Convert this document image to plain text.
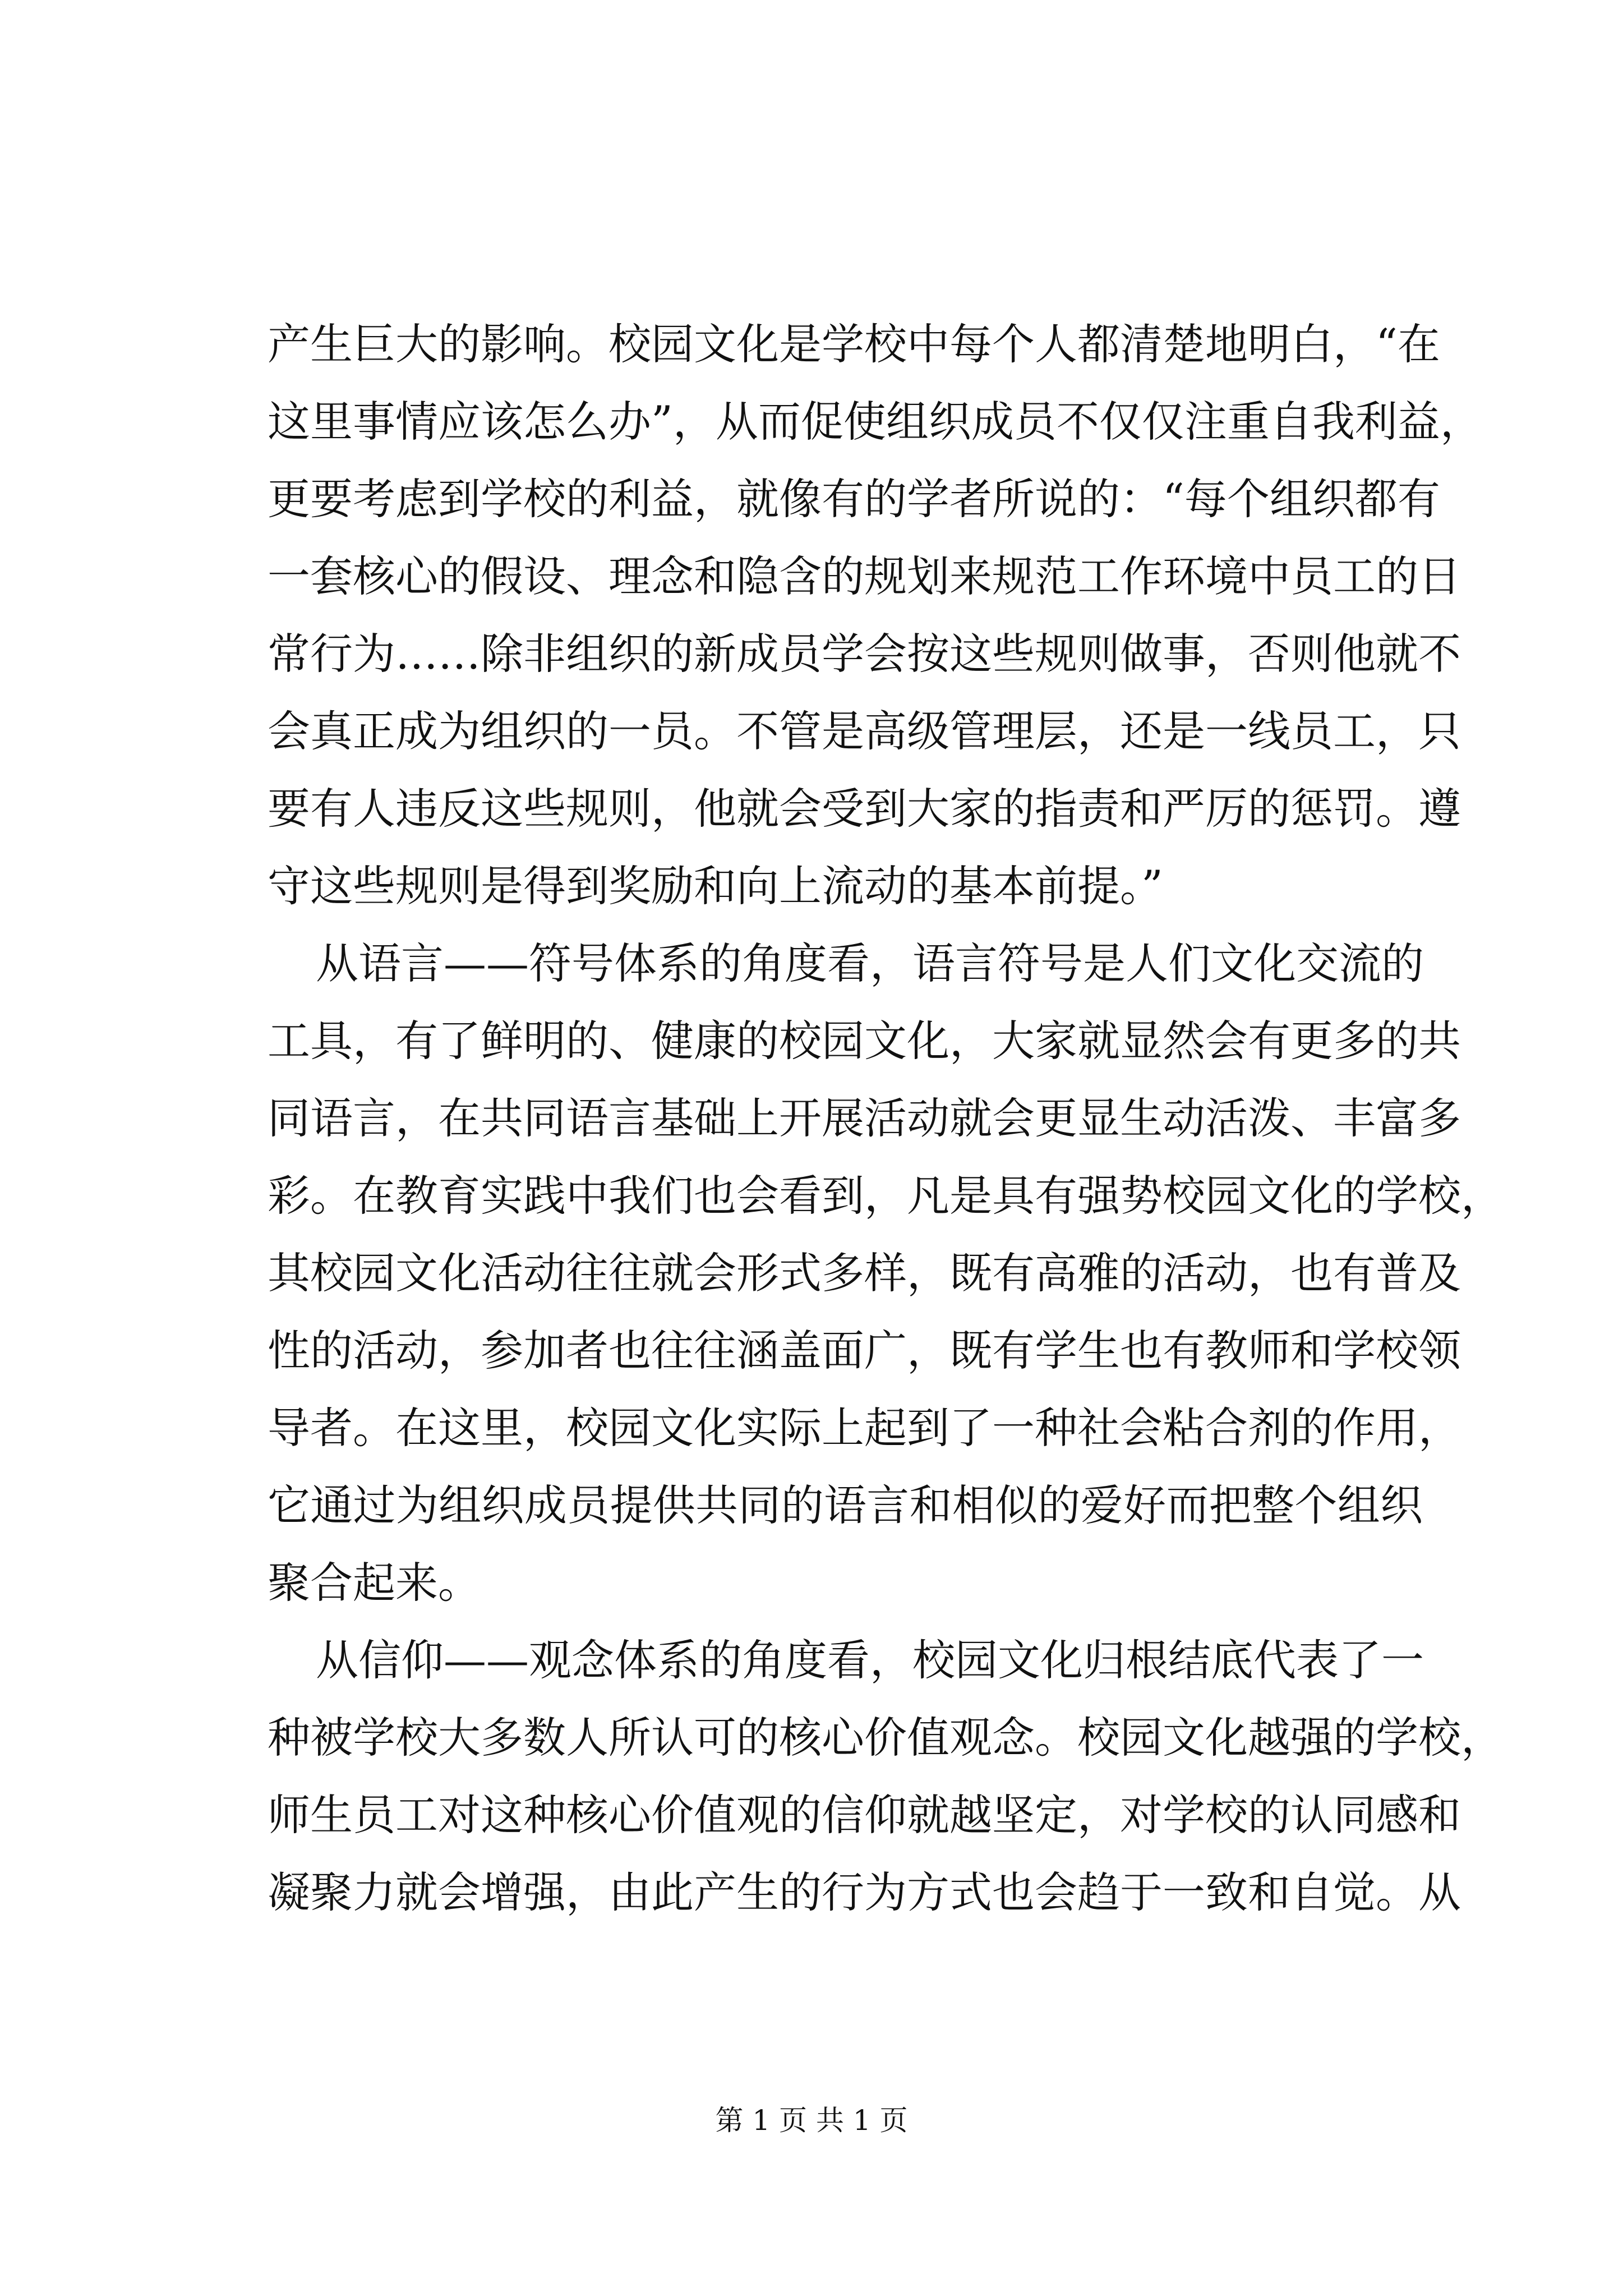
产生巨大的影响。校园文化是学校中每个人都清楚地明白，“在
这里事情应该怎么办”，从而促使组织成员不仅仅注重自我利益，
更要考虑到学校的利益，就像有的学者所说的：“每个组织都有
一套核心的假设、理念和隐含的规划来规范工作环境中员工的日
常行为……除非组织的新成员学会按这些规则做事，否则他就不
会真正成为组织的一员。不管是高级管理层，还是一线员工，只
要有人违反这些规则，他就会受到大家的指责和严厉的惩罚。遵
守这些规则是得到奖励和向上流动的基本前提。”
从语言——符号体系的角度看，语言符号是人们文化交流的
工具，有了鲜明的、健康的校园文化，大家就显然会有更多的共
同语言，在共同语言基础上开展活动就会更显生动活泼、丰富多
彩。在教育实践中我们也会看到，凡是具有强势校园文化的学校，
其校园文化活动往往就会形式多样，既有高雅的活动，也有普及
性的活动，参加者也往往涵盖面广，既有学生也有教师和学校领
导者。在这里，校园文化实际上起到了一种社会粘合剂的作用，
它通过为组织成员提供共同的语言和相似的爱好而把整个组织
聚合起来。
从信仰——观念体系的角度看，校园文化归根结底代表了一
种被学校大多数人所认可的核心价值观念。校园文化越强的学校，
师生员工对这种核心价值观的信仰就越坚定，对学校的认同感和
凝聚力就会增强，由此产生的行为方式也会趋于一致和自觉。从
第 1 页 共 1 页
